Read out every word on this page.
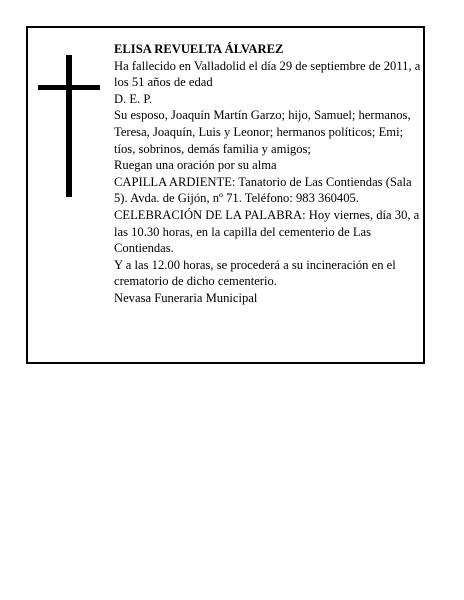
ELISA REVUELTA ÁLVAREZ

Ha fallecido en Valladolid el día 29 de septiembre de 2011, a los 51 años de edad

D. E. P.

Su esposo, Joaquín Martín Garzo; hijo, Samuel; hermanos, Teresa, Joaquín, Luis y Leonor; hermanos políticos; Emi; tíos, sobrinos, demás familia y amigos;

Ruegan una oración por su alma

CAPILLA ARDIENTE: Tanatorio de Las Contiendas (Sala 5). Avda. de Gijón, nº 71. Teléfono: 983 360405.

CELEBRACIÓN DE LA PALABRA: Hoy viernes, día 30, a las 10.30 horas, en la capilla del cementerio de Las Contiendas.

Y a las 12.00 horas, se procederá a su incineración en el crematorio de dicho cementerio.

Nevasa Funeraria Municipal
